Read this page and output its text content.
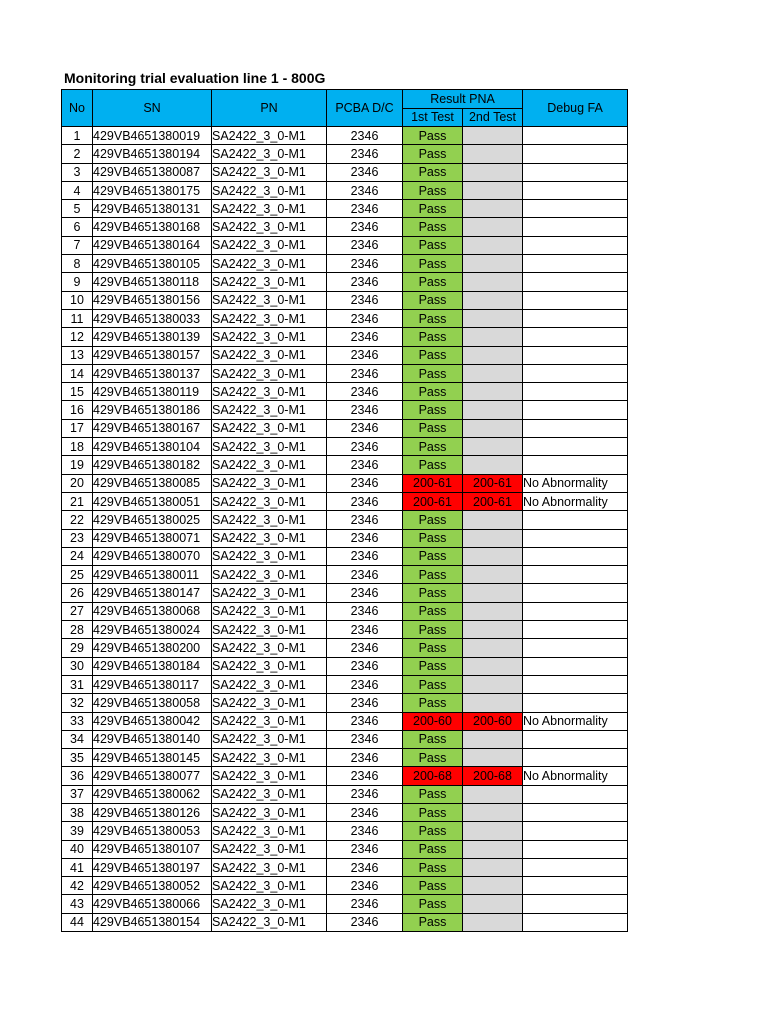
Monitoring trial evaluation line 1 - 800G
No	SN	PN	PCBA D/C	Result PNA		Debug FA
				1st Test	2nd Test	
1	429VB4651380019	SA2422_3_0-M1	2346	Pass		
2	429VB4651380194	SA2422_3_0-M1	2346	Pass		
3	429VB4651380087	SA2422_3_0-M1	2346	Pass		
4	429VB4651380175	SA2422_3_0-M1	2346	Pass		
5	429VB4651380131	SA2422_3_0-M1	2346	Pass		
6	429VB4651380168	SA2422_3_0-M1	2346	Pass		
7	429VB4651380164	SA2422_3_0-M1	2346	Pass		
8	429VB4651380105	SA2422_3_0-M1	2346	Pass		
9	429VB4651380118	SA2422_3_0-M1	2346	Pass		
10	429VB4651380156	SA2422_3_0-M1	2346	Pass		
11	429VB4651380033	SA2422_3_0-M1	2346	Pass		
12	429VB4651380139	SA2422_3_0-M1	2346	Pass		
13	429VB4651380157	SA2422_3_0-M1	2346	Pass		
14	429VB4651380137	SA2422_3_0-M1	2346	Pass		
15	429VB4651380119	SA2422_3_0-M1	2346	Pass		
16	429VB4651380186	SA2422_3_0-M1	2346	Pass		
17	429VB4651380167	SA2422_3_0-M1	2346	Pass		
18	429VB4651380104	SA2422_3_0-M1	2346	Pass		
19	429VB4651380182	SA2422_3_0-M1	2346	Pass		
20	429VB4651380085	SA2422_3_0-M1	2346	200-61	200-61	No Abnormality
21	429VB4651380051	SA2422_3_0-M1	2346	200-61	200-61	No Abnormality
22	429VB4651380025	SA2422_3_0-M1	2346	Pass		
23	429VB4651380071	SA2422_3_0-M1	2346	Pass		
24	429VB4651380070	SA2422_3_0-M1	2346	Pass		
25	429VB4651380011	SA2422_3_0-M1	2346	Pass		
26	429VB4651380147	SA2422_3_0-M1	2346	Pass		
27	429VB4651380068	SA2422_3_0-M1	2346	Pass		
28	429VB4651380024	SA2422_3_0-M1	2346	Pass		
29	429VB4651380200	SA2422_3_0-M1	2346	Pass		
30	429VB4651380184	SA2422_3_0-M1	2346	Pass		
31	429VB4651380117	SA2422_3_0-M1	2346	Pass		
32	429VB4651380058	SA2422_3_0-M1	2346	Pass		
33	429VB4651380042	SA2422_3_0-M1	2346	200-60	200-60	No Abnormality
34	429VB4651380140	SA2422_3_0-M1	2346	Pass		
35	429VB4651380145	SA2422_3_0-M1	2346	Pass		
36	429VB4651380077	SA2422_3_0-M1	2346	200-68	200-68	No Abnormality
37	429VB4651380062	SA2422_3_0-M1	2346	Pass		
38	429VB4651380126	SA2422_3_0-M1	2346	Pass		
39	429VB4651380053	SA2422_3_0-M1	2346	Pass		
40	429VB4651380107	SA2422_3_0-M1	2346	Pass		
41	429VB4651380197	SA2422_3_0-M1	2346	Pass		
42	429VB4651380052	SA2422_3_0-M1	2346	Pass		
43	429VB4651380066	SA2422_3_0-M1	2346	Pass		
44	429VB4651380154	SA2422_3_0-M1	2346	Pass		
